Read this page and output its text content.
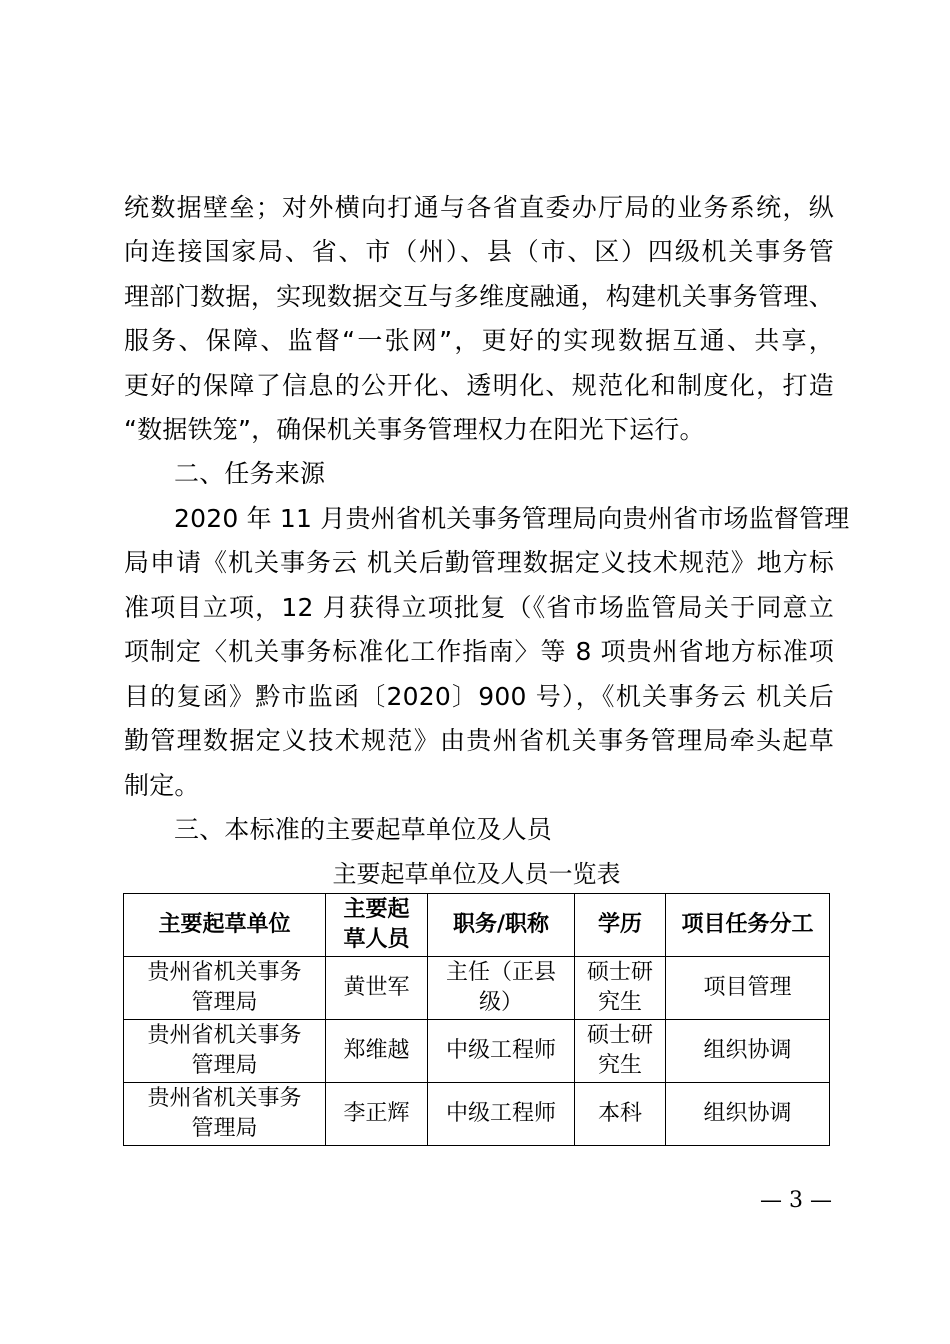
统数据壁垒；对外横向打通与各省直委办厅局的业务系统，纵
向连接国家局、省、市（州）、县（市、区）四级机关事务管
理部门数据，实现数据交互与多维度融通，构建机关事务管理、
服务、保障、监督“一张网”，更好的实现数据互通、共享，
更好的保障了信息的公开化、透明化、规范化和制度化，打造
“数据铁笼”，确保机关事务管理权力在阳光下运行。
二、任务来源
2020 年 11 月贵州省机关事务管理局向贵州省市场监督管理
局申请《机关事务云 机关后勤管理数据定义技术规范》地方标
准项目立项，12 月获得立项批复（《省市场监管局关于同意立
项制定〈机关事务标准化工作指南〉等 8 项贵州省地方标准项
目的复函》黔市监函〔2020〕900 号），《机关事务云 机关后
勤管理数据定义技术规范》由贵州省机关事务管理局牵头起草
制定。
三、本标准的主要起草单位及人员
主要起草单位及人员一览表
主要起草单位	主要起草人员	职务/职称	学历	项目任务分工
贵州省机关事务管理局	黄世军	主任（正县级）	硕士研究生	项目管理
贵州省机关事务管理局	郑维越	中级工程师	硕士研究生	组织协调
贵州省机关事务管理局	李正辉	中级工程师	本科	组织协调
— 3 —
